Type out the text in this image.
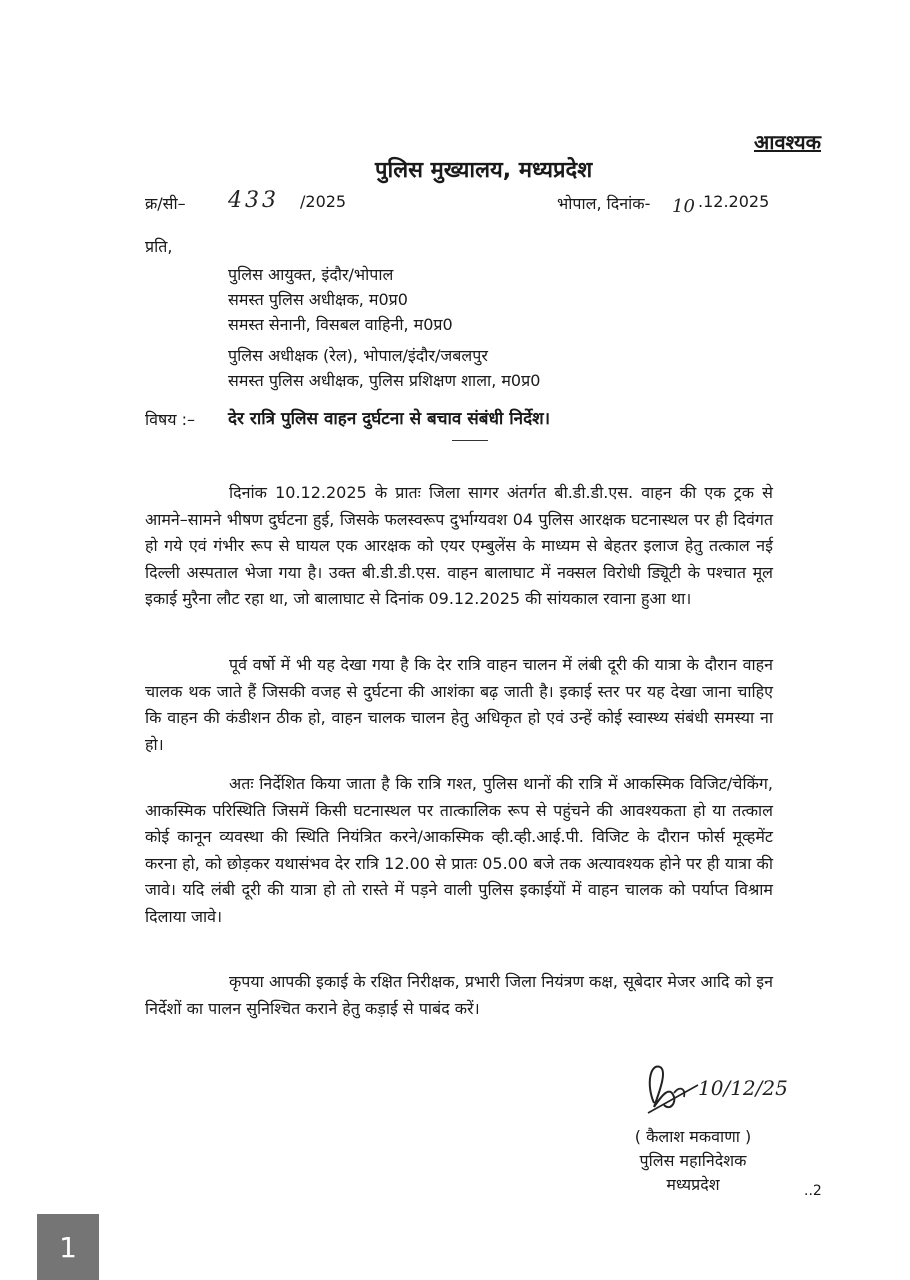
आवश्यक
पुलिस मुख्यालय, मध्यप्रदेश
क्र/सी– 433 /2025	भोपाल, दिनांक- 10 .12.2025
प्रति,
पुलिस आयुक्त, इंदौर/भोपाल
समस्त पुलिस अधीक्षक, म0प्र0
समस्त सेनानी, विसबल वाहिनी, म0प्र0
पुलिस अधीक्षक (रेल), भोपाल/इंदौर/जबलपुर
समस्त पुलिस अधीक्षक, पुलिस प्रशिक्षण शाला, म0प्र0
विषय :– देर रात्रि पुलिस वाहन दुर्घटना से बचाव संबंधी निर्देश।

दिनांक 10.12.2025 के प्रातः जिला सागर अंतर्गत बी.डी.डी.एस. वाहन की एक ट्रक से आमने–सामने भीषण दुर्घटना हुई, जिसके फलस्वरूप दुर्भाग्यवश 04 पुलिस आरक्षक घटनास्थल पर ही दिवंगत हो गये एवं गंभीर रूप से घायल एक आरक्षक को एयर एम्बुलेंस के माध्यम से बेहतर इलाज हेतु तत्काल नई दिल्ली अस्पताल भेजा गया है। उक्त बी.डी.डी.एस. वाहन बालाघाट में नक्सल विरोधी ड्यिूटी के पश्चात मूल इकाई मुरैना लौट रहा था, जो बालाघाट से दिनांक 09.12.2025 की सांयकाल रवाना हुआ था।

पूर्व वर्षो में भी यह देखा गया है कि देर रात्रि वाहन चालन में लंबी दूरी की यात्रा के दौरान वाहन चालक थक जाते हैं जिसकी वजह से दुर्घटना की आशंका बढ़ जाती है। इकाई स्तर पर यह देखा जाना चाहिए कि वाहन की कंडीशन ठीक हो, वाहन चालक चालन हेतु अधिकृत हो एवं उन्हें कोई स्वास्थ्य संबंधी समस्या ना हो।

अतः निर्देशित किया जाता है कि रात्रि गश्त, पुलिस थानों की रात्रि में आकस्मिक विजिट/चेकिंग, आकस्मिक परिस्थिति जिसमें किसी घटनास्थल पर तात्कालिक रूप से पहुंचने की आवश्यकता हो या तत्काल कोई कानून व्यवस्था की स्थिति नियंत्रित करने/आकस्मिक व्ही.व्ही.आई.पी. विजिट के दौरान फोर्स मूव्हमेंट करना हो, को छोड़कर यथासंभव देर रात्रि 12.00 से प्रातः 05.00 बजे तक अत्यावश्यक होने पर ही यात्रा की जावे। यदि लंबी दूरी की यात्रा हो तो रास्ते में पड़ने वाली पुलिस इकाईयों में वाहन चालक को पर्याप्त विश्राम दिलाया जावे।

कृपया आपकी इकाई के रक्षित निरीक्षक, प्रभारी जिला नियंत्रण कक्ष, सूबेदार मेजर आदि को इन निर्देशों का पालन सुनिश्चित कराने हेतु कड़ाई से पाबंद करें।

10/12/25
( कैलाश मकवाणा )
पुलिस महानिदेशक
मध्यप्रदेश	..2
1
